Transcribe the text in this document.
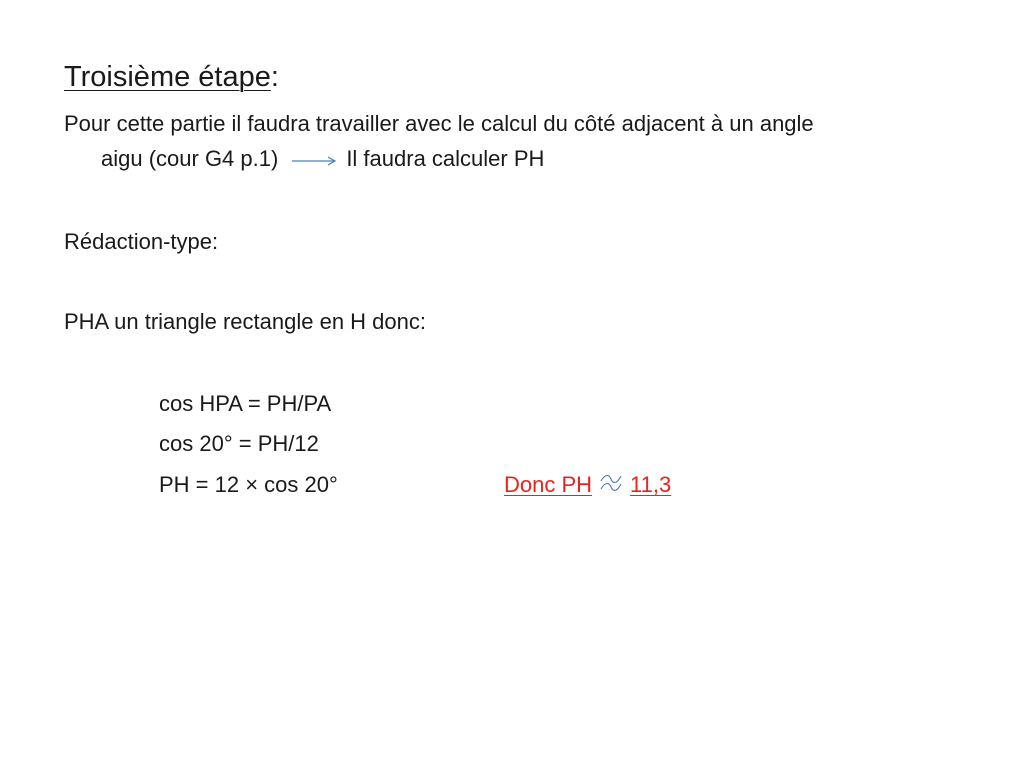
Troisième étape:
Pour cette partie il faudra travailler avec le calcul du côté adjacent à un angle
aigu (cour G4 p.1)	Il faudra calculer PH
Rédaction-type:
PHA un triangle rectangle en H donc:
cos HPA = PH/PA
cos 20° = PH/12
PH = 12 × cos 20°	Donc PH 11,3
